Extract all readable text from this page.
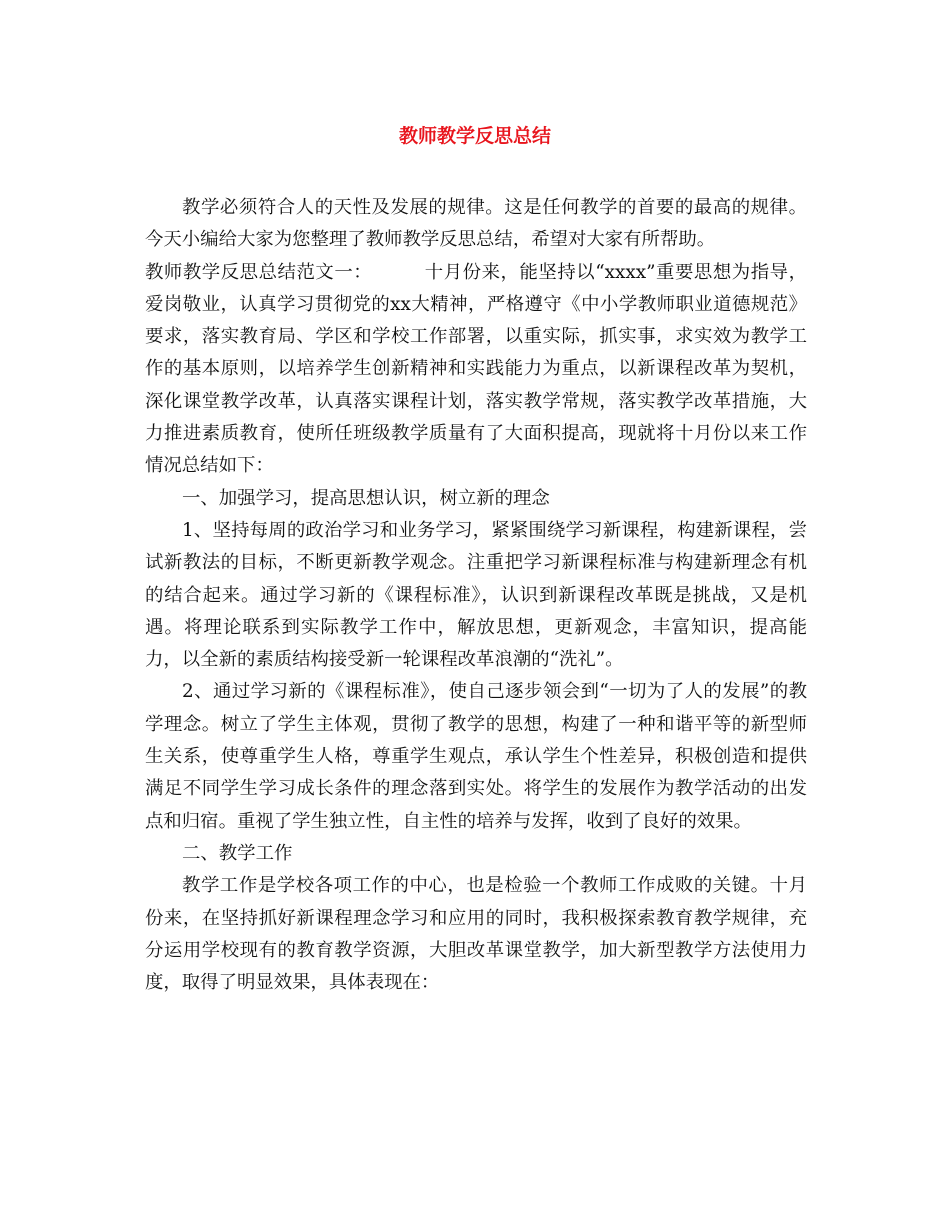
教师教学反思总结

教学必须符合人的天性及发展的规律。这是任何教学的首要的最高的规律。今天小编给大家为您整理了教师教学反思总结，希望对大家有所帮助。

教师教学反思总结范文一：	十月份来，能坚持以“xxxx”重要思想为指导，爱岗敬业，认真学习贯彻党的xx大精神，严格遵守《中小学教师职业道德规范》要求，落实教育局、学区和学校工作部署，以重实际，抓实事，求实效为教学工作的基本原则，以培养学生创新精神和实践能力为重点，以新课程改革为契机，深化课堂教学改革，认真落实课程计划，落实教学常规，落实教学改革措施，大力推进素质教育，使所任班级教学质量有了大面积提高，现就将十月份以来工作情况总结如下：

一、加强学习，提高思想认识，树立新的理念

1、坚持每周的政治学习和业务学习，紧紧围绕学习新课程，构建新课程，尝试新教法的目标，不断更新教学观念。注重把学习新课程标准与构建新理念有机的结合起来。通过学习新的《课程标准》，认识到新课程改革既是挑战，又是机遇。将理论联系到实际教学工作中，解放思想，更新观念，丰富知识，提高能力，以全新的素质结构接受新一轮课程改革浪潮的“洗礼”。

2、通过学习新的《课程标准》，使自己逐步领会到“一切为了人的发展”的教学理念。树立了学生主体观，贯彻了教学的思想，构建了一种和谐平等的新型师生关系，使尊重学生人格，尊重学生观点，承认学生个性差异，积极创造和提供满足不同学生学习成长条件的理念落到实处。将学生的发展作为教学活动的出发点和归宿。重视了学生独立性，自主性的培养与发挥，收到了良好的效果。

二、教学工作

教学工作是学校各项工作的中心，也是检验一个教师工作成败的关键。十月份来，在坚持抓好新课程理念学习和应用的同时，我积极探索教育教学规律，充分运用学校现有的教育教学资源，大胆改革课堂教学，加大新型教学方法使用力度，取得了明显效果，具体表现在：
